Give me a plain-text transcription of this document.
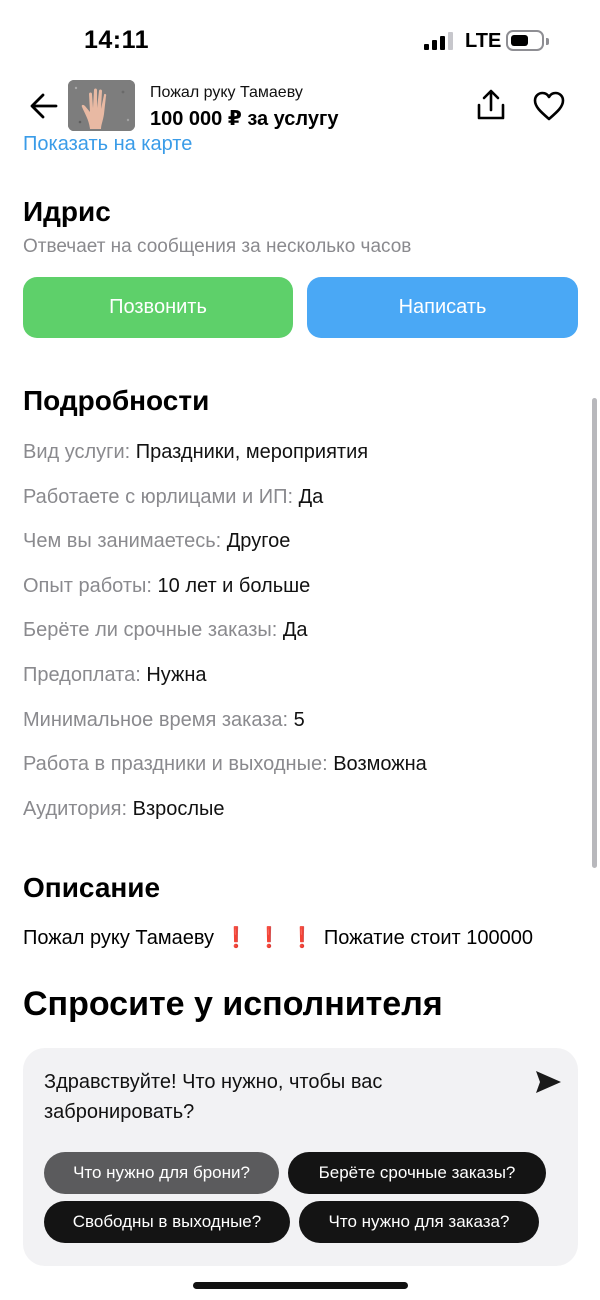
14:11	LTE
Пожал руку Тамаеву
100 000 ₽ за услугу
Показать на карте
Идрис
Отвечает на сообщения за несколько часов
Позвонить	Написать
Подробности
Вид услуги: Праздники, мероприятия
Работаете с юрлицами и ИП: Да
Чем вы занимаетесь: Другое
Опыт работы: 10 лет и больше
Берёте ли срочные заказы: Да
Предоплата: Нужна
Минимальное время заказа: 5
Работа в праздники и выходные: Возможна
Аудитория: Взрослые
Описание
Пожал руку Тамаеву ❗ ❗ ❗ Пожатие стоит 100000
Спросите у исполнителя
Здравствуйте! Что нужно, чтобы вас забронировать?
Что нужно для брони?	Берёте срочные заказы?
Свободны в выходные?	Что нужно для заказа?
